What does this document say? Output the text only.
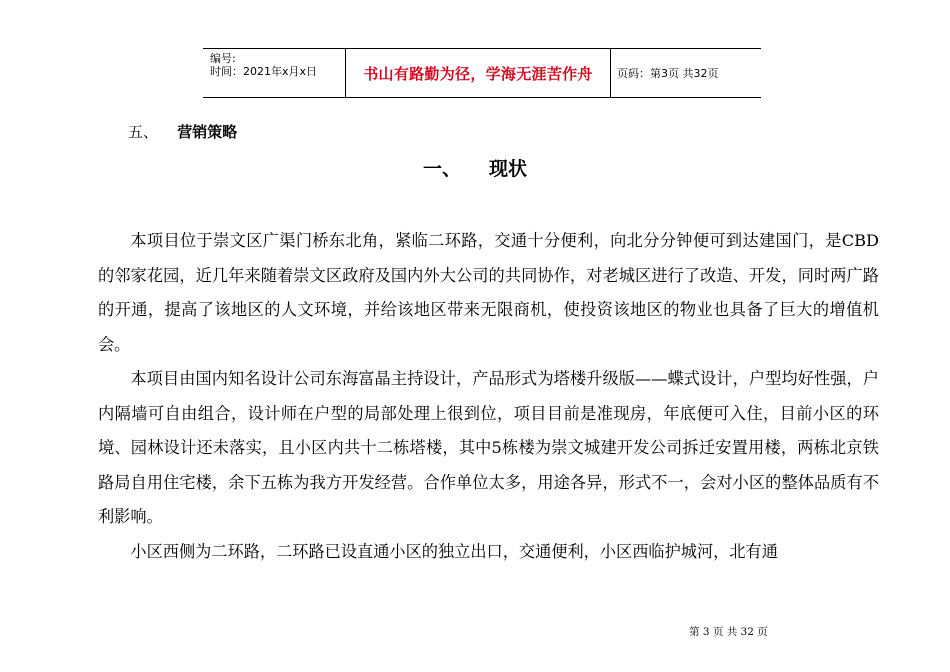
编号:
时间：2021年x月x日	书山有路勤为径，学海无涯苦作舟 页码：第3页 共32页
五、 营销策略
一、 现状

本项目位于崇文区广渠门桥东北角，紧临二环路，交通十分便利，向北分分钟便可到达建国门，是CBD的邻家花园，近几年来随着崇文区政府及国内外大公司的共同协作，对老城区进行了改造、开发，同时两广路的开通，提高了该地区的人文环境，并给该地区带来无限商机，使投资该地区的物业也具备了巨大的增值机会。

本项目由国内知名设计公司东海富晶主持设计，产品形式为塔楼升级版——蝶式设计，户型均好性强，户内隔墙可自由组合，设计师在户型的局部处理上很到位，项目目前是准现房，年底便可入住，目前小区的环境、园林设计还未落实，且小区内共十二栋塔楼，其中5栋楼为崇文城建开发公司拆迁安置用楼，两栋北京铁路局自用住宅楼，余下五栋为我方开发经营。合作单位太多，用途各异，形式不一，会对小区的整体品质有不利影响。

小区西侧为二环路，二环路已设直通小区的独立出口，交通便利，小区西临护城河，北有通

第 3 页 共 32 页
